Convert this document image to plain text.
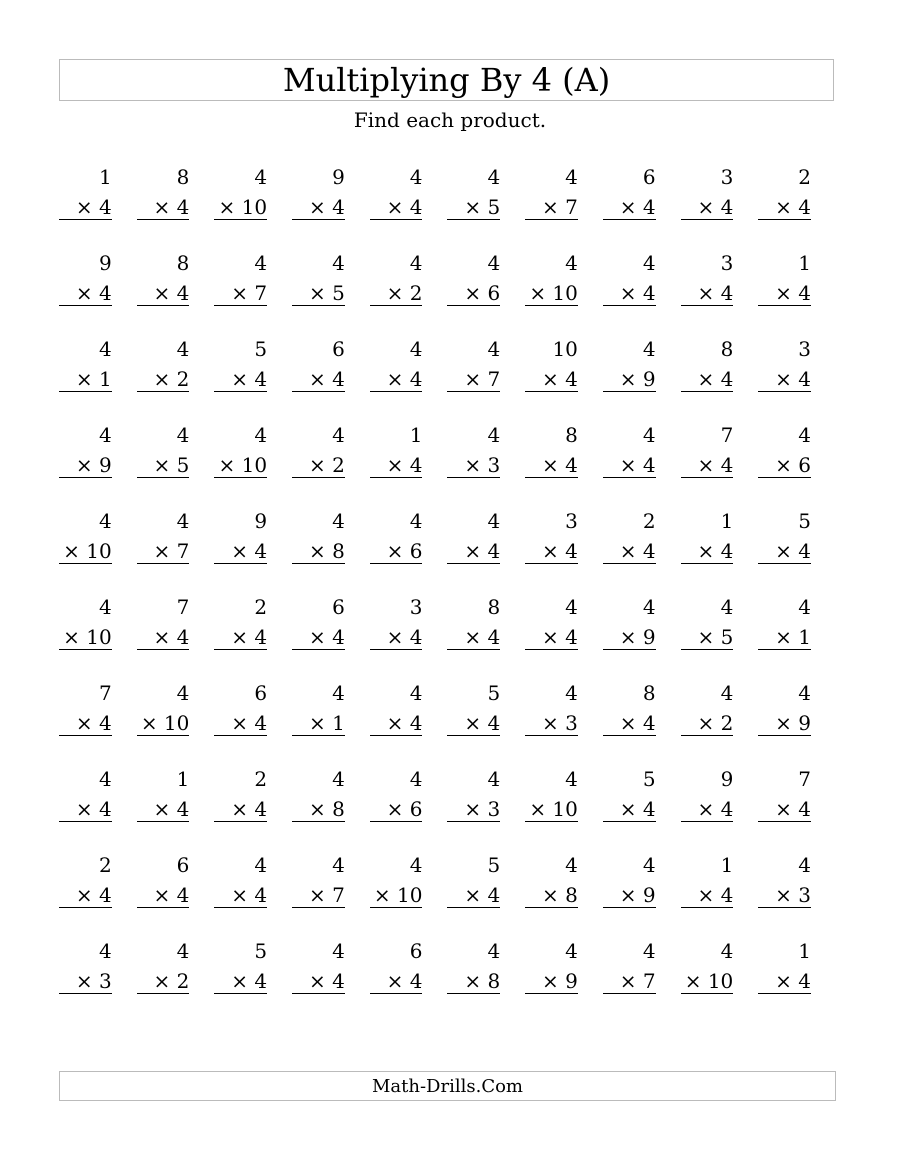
Multiplying By 4 (A)
Find each product.
1
× 4
8
× 4
4
× 10
9
× 4
4
× 4
4
× 5
4
× 7
6
× 4
3
× 4
2
× 4
9
× 4
8
× 4
4
× 7
4
× 5
4
× 2
4
× 6
4
× 10
4
× 4
3
× 4
1
× 4
4
× 1
4
× 2
5
× 4
6
× 4
4
× 4
4
× 7
10
× 4
4
× 9
8
× 4
3
× 4
4
× 9
4
× 5
4
× 10
4
× 2
1
× 4
4
× 3
8
× 4
4
× 4
7
× 4
4
× 6
4
× 10
4
× 7
9
× 4
4
× 8
4
× 6
4
× 4
3
× 4
2
× 4
1
× 4
5
× 4
4
× 10
7
× 4
2
× 4
6
× 4
3
× 4
8
× 4
4
× 4
4
× 9
4
× 5
4
× 1
7
× 4
4
× 10
6
× 4
4
× 1
4
× 4
5
× 4
4
× 3
8
× 4
4
× 2
4
× 9
4
× 4
1
× 4
2
× 4
4
× 8
4
× 6
4
× 3
4
× 10
5
× 4
9
× 4
7
× 4
2
× 4
6
× 4
4
× 4
4
× 7
4
× 10
5
× 4
4
× 8
4
× 9
1
× 4
4
× 3
4
× 3
4
× 2
5
× 4
4
× 4
6
× 4
4
× 8
4
× 9
4
× 7
4
× 10
1
× 4
Math-Drills.Com
